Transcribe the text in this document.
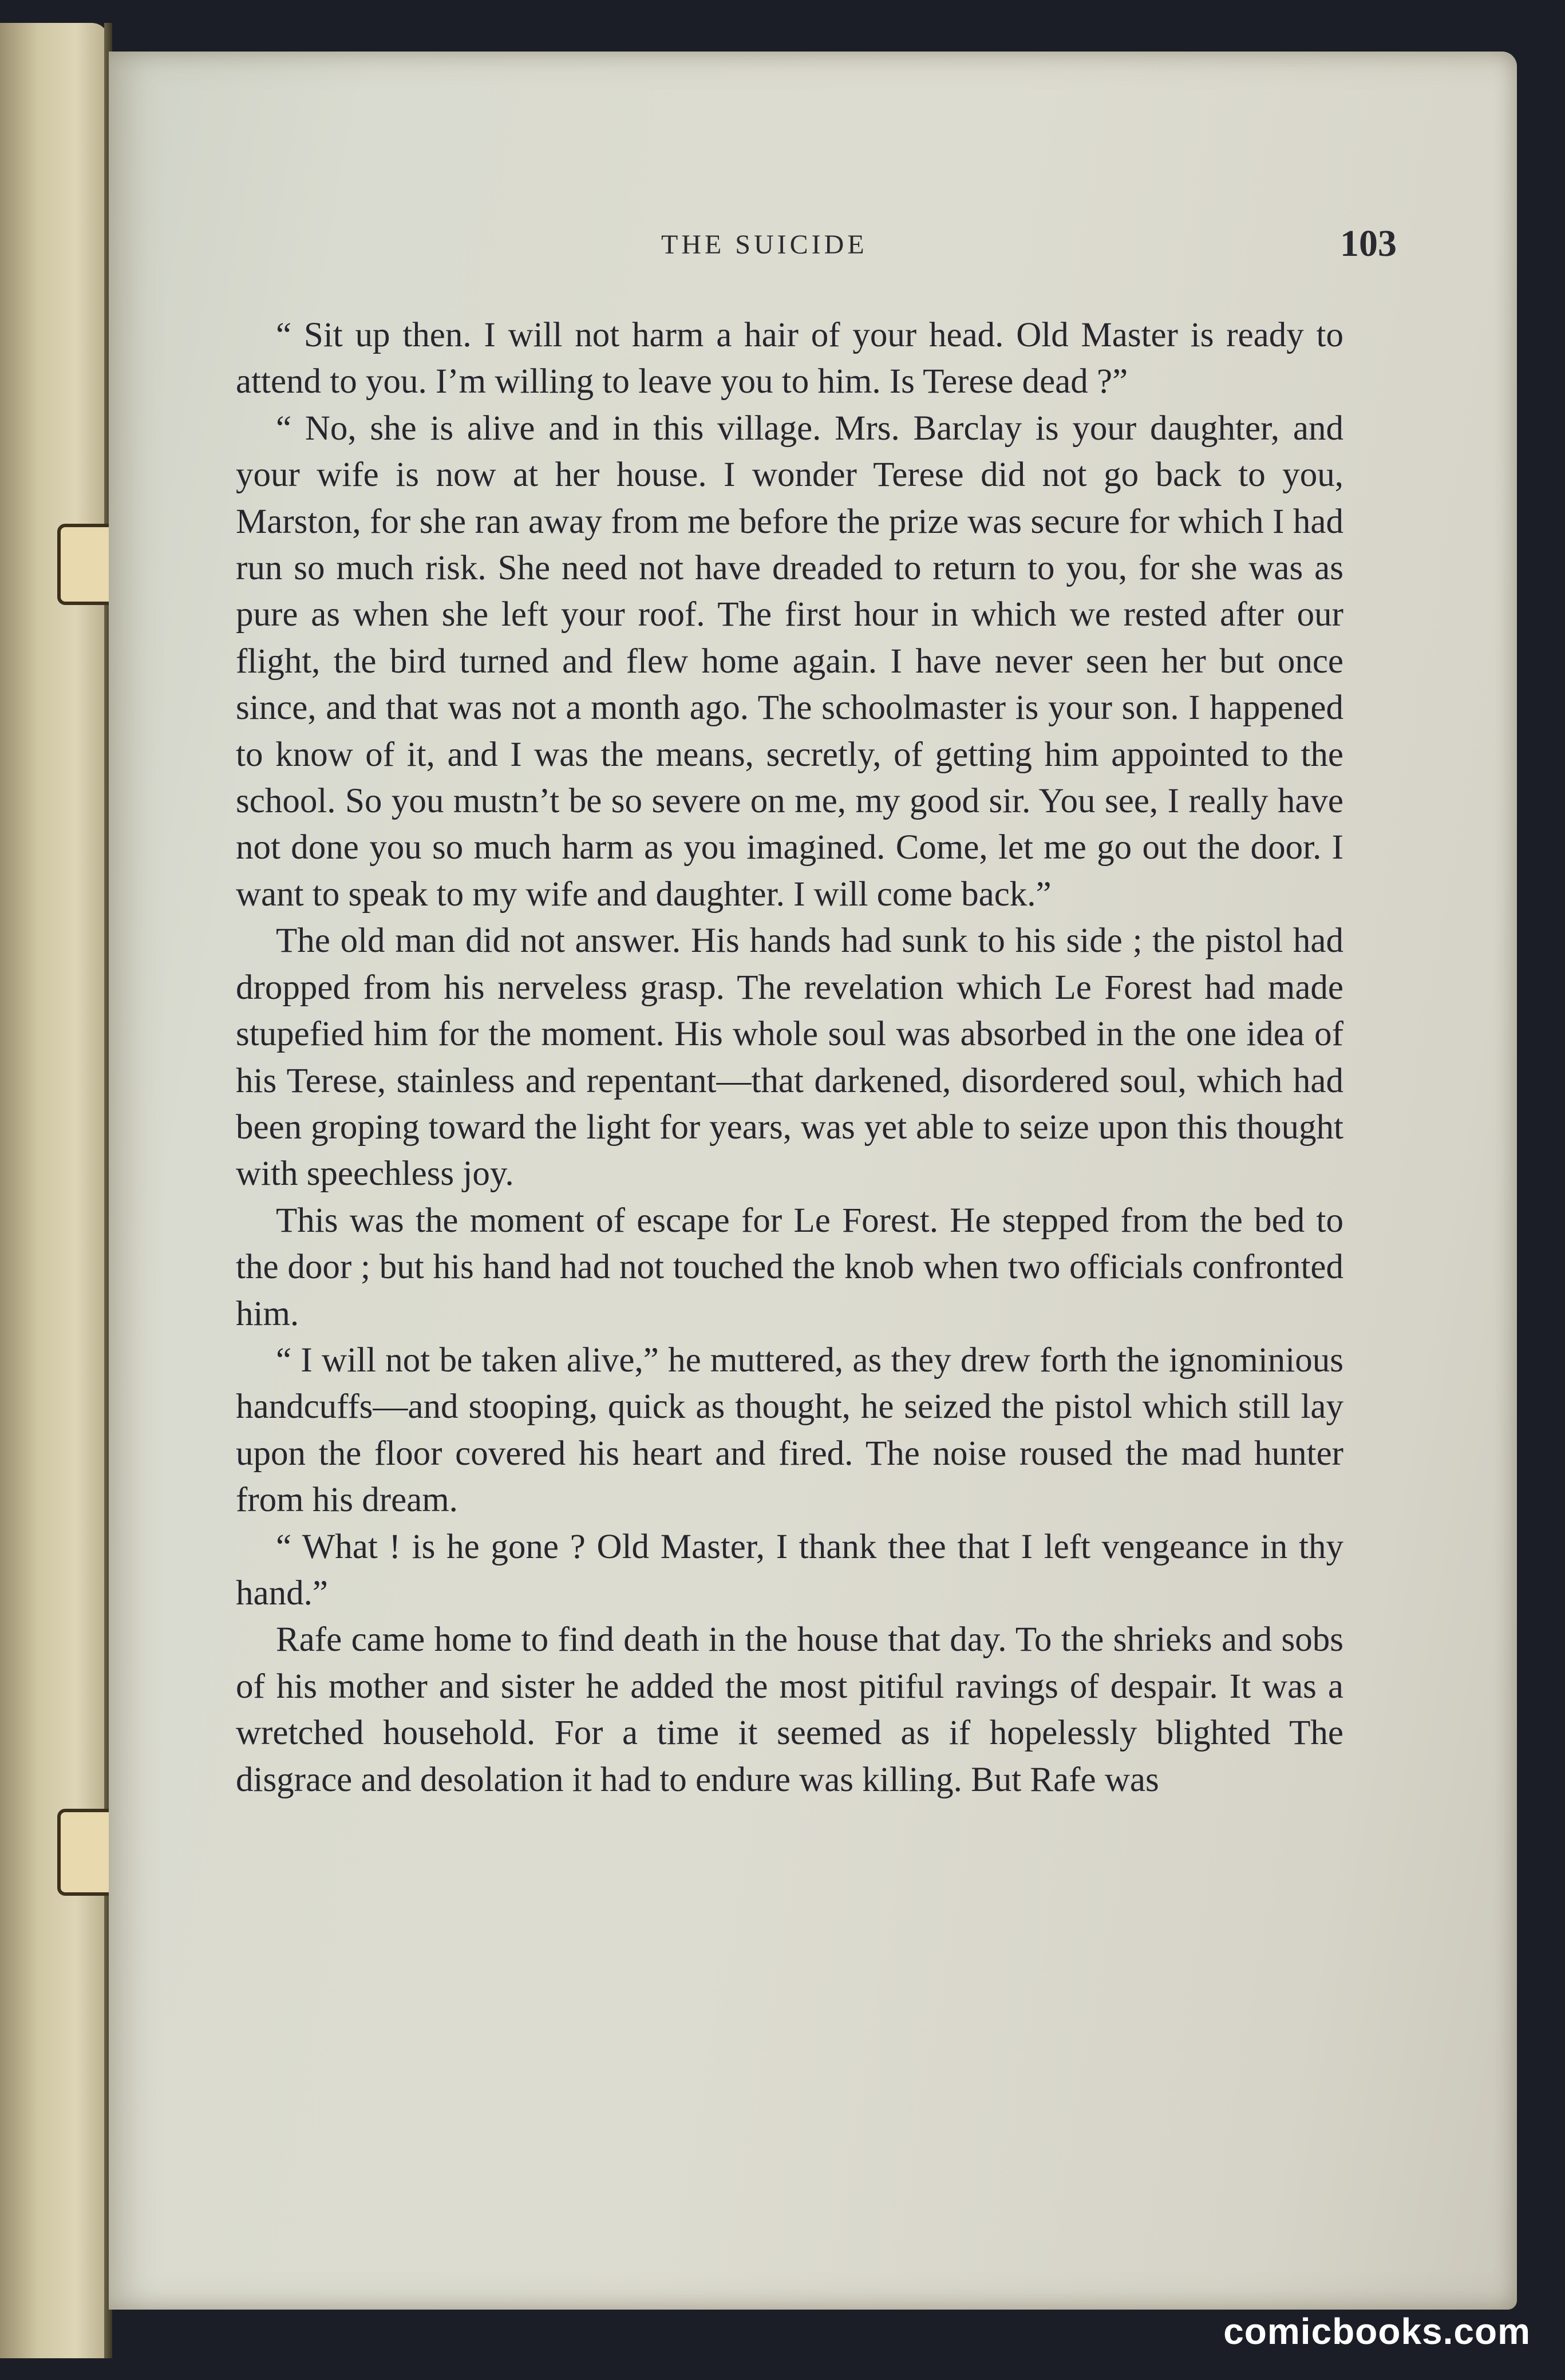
THE SUICIDE	103

“ Sit up then. I will not harm a hair of your head. Old Master is ready to attend to you. I’m willing to leave you to him. Is Terese dead ?”

“ No, she is alive and in this village. Mrs. Barclay is your daughter, and your wife is now at her house. I wonder Terese did not go back to you, Marston, for she ran away from me before the prize was secure for which I had run so much risk. She need not have dreaded to return to you, for she was as pure as when she left your roof. The first hour in which we rested after our flight, the bird turned and flew home again. I have never seen her but once since, and that was not a month ago. The schoolmaster is your son. I happened to know of it, and I was the means, secretly, of getting him appointed to the school. So you mustn’t be so severe on me, my good sir. You see, I really have not done you so much harm as you imagined. Come, let me go out the door. I want to speak to my wife and daughter. I will come back.”

The old man did not answer. His hands had sunk to his side ; the pistol had dropped from his nerveless grasp. The revelation which Le Forest had made stupefied him for the moment. His whole soul was absorbed in the one idea of his Terese, stainless and repentant—that darkened, disordered soul, which had been groping toward the light for years, was yet able to seize upon this thought with speechless joy.

This was the moment of escape for Le Forest. He stepped from the bed to the door ; but his hand had not touched the knob when two officials confronted him.

“ I will not be taken alive,” he muttered, as they drew forth the ignominious handcuffs—and stooping, quick as thought, he seized the pistol which still lay upon the floor covered his heart and fired. The noise roused the mad hunter from his dream.

“ What ! is he gone ? Old Master, I thank thee that I left vengeance in thy hand.”

Rafe came home to find death in the house that day. To the shrieks and sobs of his mother and sister he added the most pitiful ravings of despair. It was a wretched household. For a time it seemed as if hopelessly blighted The disgrace and desolation it had to endure was killing. But Rafe was

comicbooks.com
